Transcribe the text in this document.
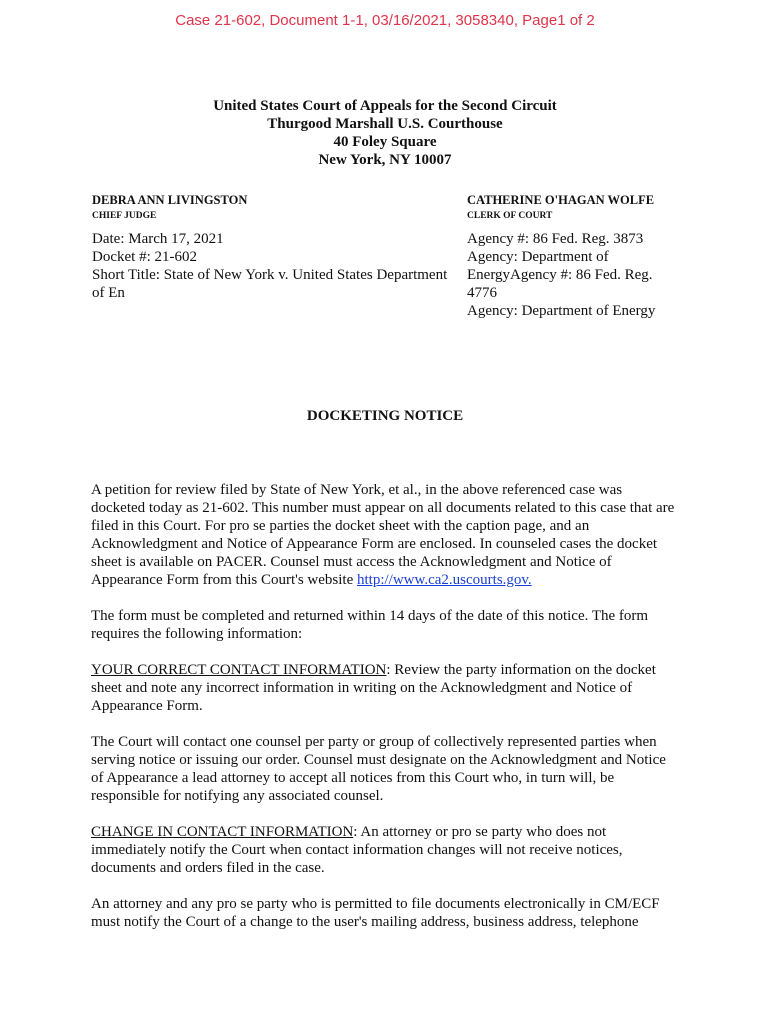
Case 21-602, Document 1-1, 03/16/2021, 3058340, Page1 of 2
United States Court of Appeals for the Second Circuit
Thurgood Marshall U.S. Courthouse
40 Foley Square
New York, NY 10007
DEBRA ANN LIVINGSTON
CHIEF JUDGE
Date: March 17, 2021
Docket #: 21-602
Short Title: State of New York v. United States Department
of En
CATHERINE O'HAGAN WOLFE
CLERK OF COURT
Agency #: 86 Fed. Reg. 3873
Agency: Department of
EnergyAgency #: 86 Fed. Reg.
4776
Agency: Department of Energy
DOCKETING NOTICE

A petition for review filed by State of New York, et al., in the above referenced case was
docketed today as 21-602. This number must appear on all documents related to this case that are
filed in this Court. For pro se parties the docket sheet with the caption page, and an
Acknowledgment and Notice of Appearance Form are enclosed. In counseled cases the docket
sheet is available on PACER. Counsel must access the Acknowledgment and Notice of
Appearance Form from this Court's website http://www.ca2.uscourts.gov.

The form must be completed and returned within 14 days of the date of this notice. The form
requires the following information:

YOUR CORRECT CONTACT INFORMATION: Review the party information on the docket
sheet and note any incorrect information in writing on the Acknowledgment and Notice of
Appearance Form.

The Court will contact one counsel per party or group of collectively represented parties when
serving notice or issuing our order. Counsel must designate on the Acknowledgment and Notice
of Appearance a lead attorney to accept all notices from this Court who, in turn will, be
responsible for notifying any associated counsel.

CHANGE IN CONTACT INFORMATION: An attorney or pro se party who does not
immediately notify the Court when contact information changes will not receive notices,
documents and orders filed in the case.

An attorney and any pro se party who is permitted to file documents electronically in CM/ECF
must notify the Court of a change to the user's mailing address, business address, telephone
